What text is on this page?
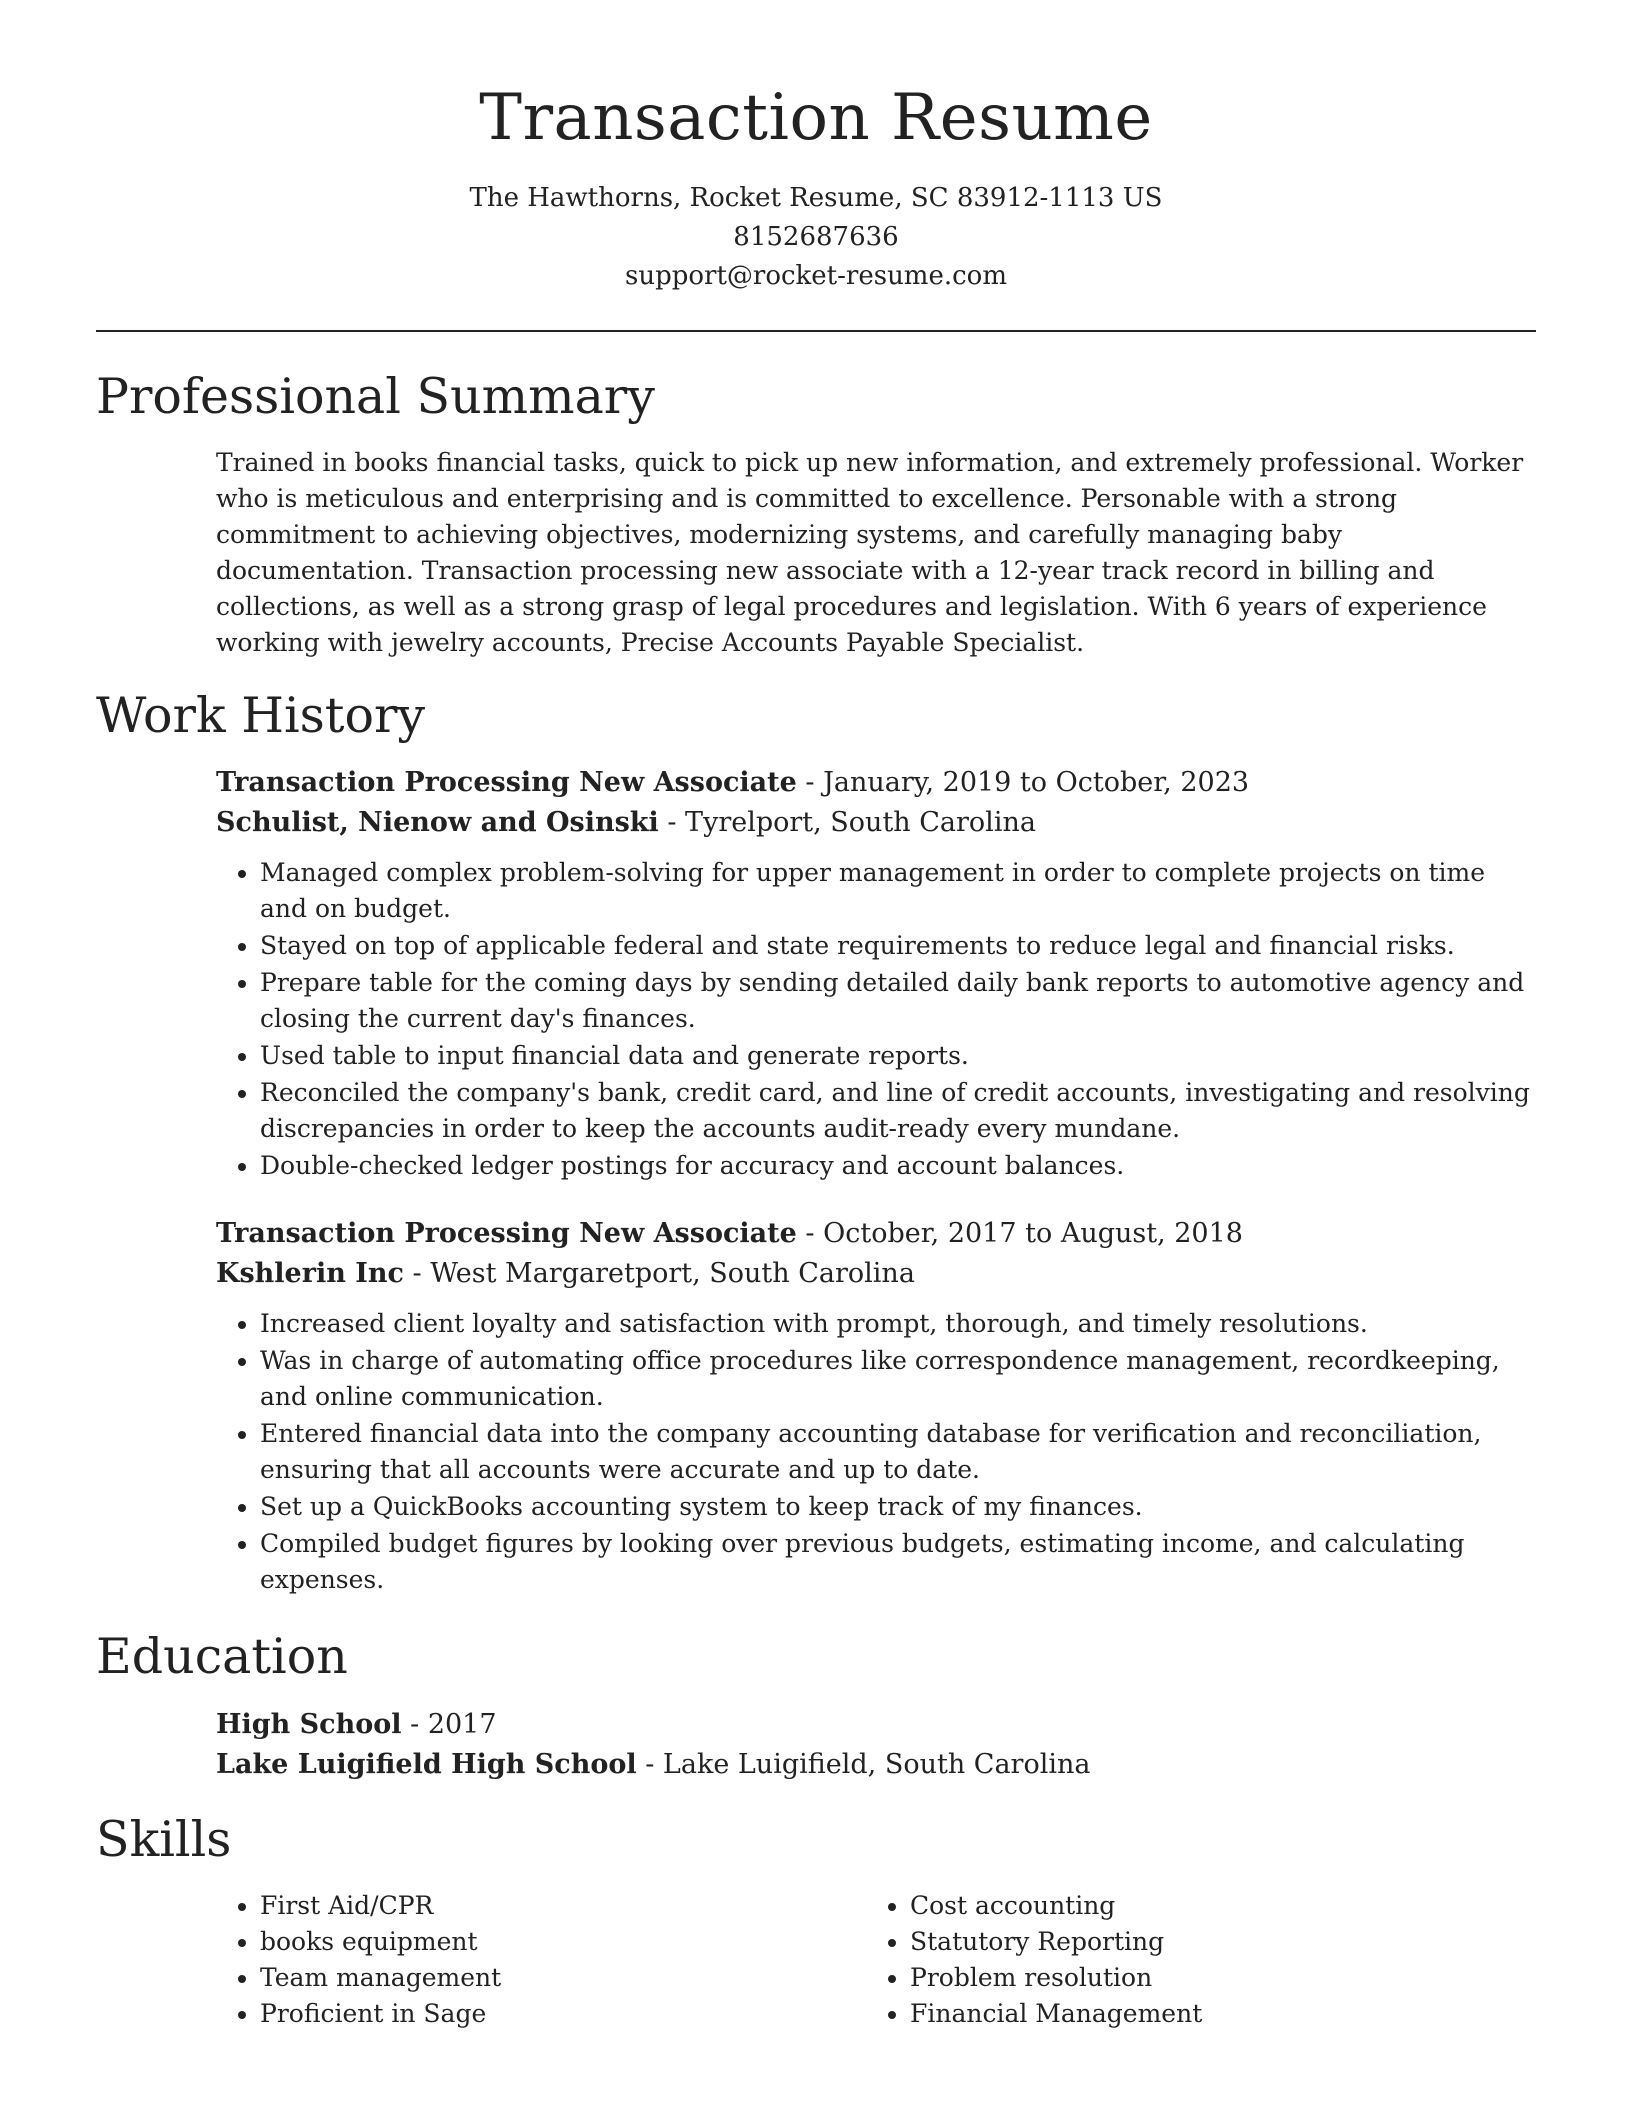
Transaction Resume

The Hawthorns, Rocket Resume, SC 83912-1113 US

8152687636

support@rocket-resume.com

Professional Summary

Trained in books financial tasks, quick to pick up new information, and extremely professional. Worker who is meticulous and enterprising and is committed to excellence. Personable with a strong commitment to achieving objectives, modernizing systems, and carefully managing baby documentation. Transaction processing new associate with a 12-year track record in billing and collections, as well as a strong grasp of legal procedures and legislation. With 6 years of experience working with jewelry accounts, Precise Accounts Payable Specialist.

Work History

Transaction Processing New Associate - January, 2019 to October, 2023

Schulist, Nienow and Osinski - Tyrelport, South Carolina

• Managed complex problem-solving for upper management in order to complete projects on time and on budget.
• Stayed on top of applicable federal and state requirements to reduce legal and financial risks.
• Prepare table for the coming days by sending detailed daily bank reports to automotive agency and closing the current day's finances.
• Used table to input financial data and generate reports.
• Reconciled the company's bank, credit card, and line of credit accounts, investigating and resolving discrepancies in order to keep the accounts audit-ready every mundane.
• Double-checked ledger postings for accuracy and account balances.

Transaction Processing New Associate - October, 2017 to August, 2018

Kshlerin Inc - West Margaretport, South Carolina

• Increased client loyalty and satisfaction with prompt, thorough, and timely resolutions.
• Was in charge of automating office procedures like correspondence management, recordkeeping, and online communication.
• Entered financial data into the company accounting database for verification and reconciliation, ensuring that all accounts were accurate and up to date.
• Set up a QuickBooks accounting system to keep track of my finances.
• Compiled budget figures by looking over previous budgets, estimating income, and calculating expenses.
Education

High School - 2017

Lake Luigifield High School - Lake Luigifield, South Carolina

Skills
• First Aid/CPR
• books equipment
• Team management
• Proficient in Sage
• Cost accounting
• Statutory Reporting
• Problem resolution
• Financial Management
